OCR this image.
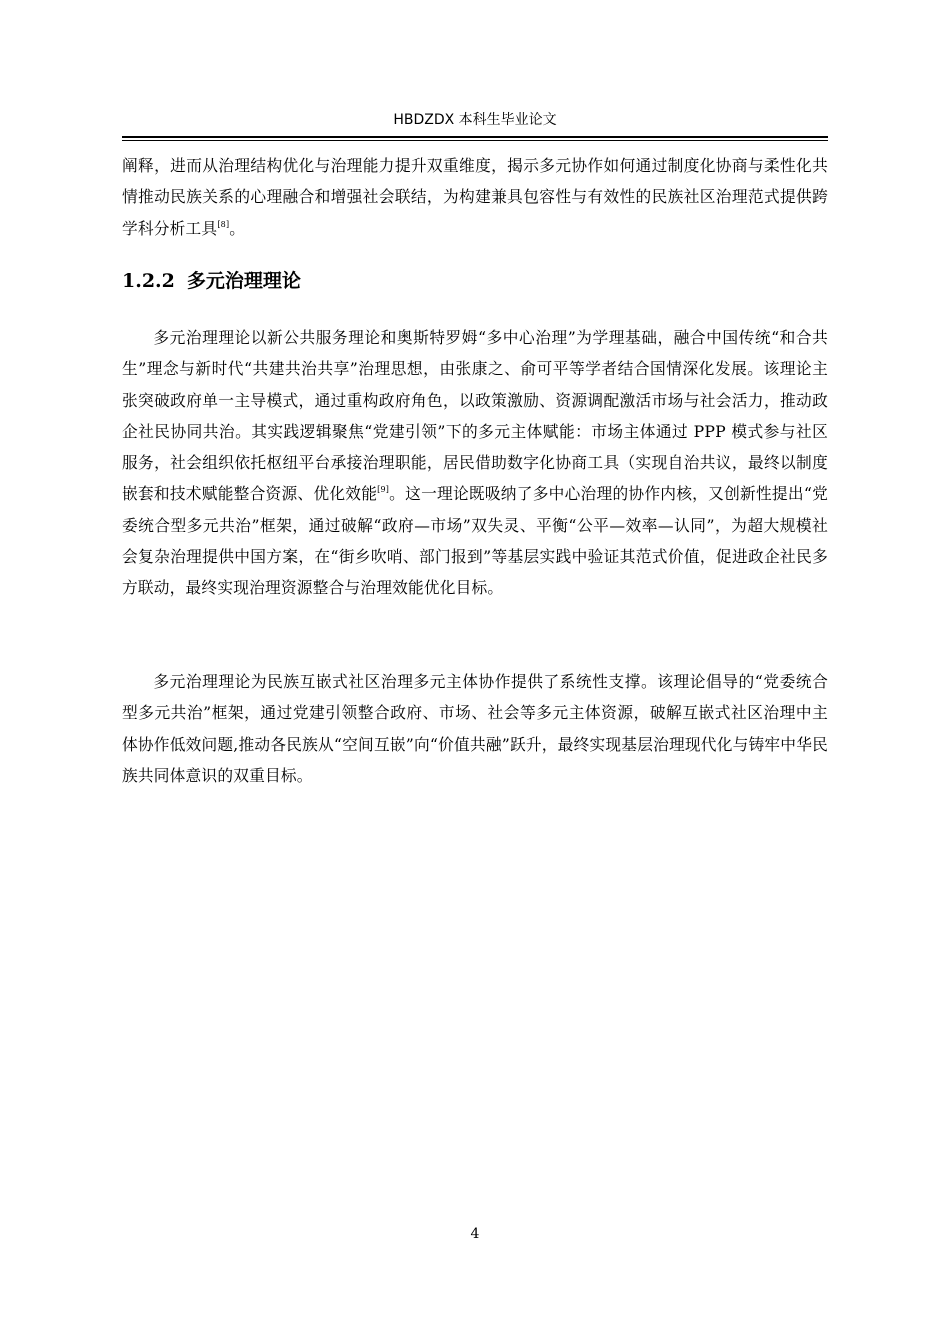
HBDZDX 本科生毕业论文

阐释，进而从治理结构优化与治理能力提升双重维度，揭示多元协作如何通过制度化协商与柔性化共情推动民族关系的心理融合和增强社会联结，为构建兼具包容性与有效性的民族社区治理范式提供跨学科分析工具[8]。

1.2.2 多元治理理论

多元治理理论以新公共服务理论和奥斯特罗姆“多中心治理”为学理基础，融合中国传统“和合共生”理念与新时代“共建共治共享”治理思想，由张康之、俞可平等学者结合国情深化发展。该理论主张突破政府单一主导模式，通过重构政府角色，以政策激励、资源调配激活市场与社会活力，推动政企社民协同共治。其实践逻辑聚焦“党建引领”下的多元主体赋能：市场主体通过 PPP 模式参与社区服务，社会组织依托枢纽平台承接治理职能，居民借助数字化协商工具（实现自治共议，最终以制度嵌套和技术赋能整合资源、优化效能[9]。这一理论既吸纳了多中心治理的协作内核，又创新性提出“党委统合型多元共治”框架，通过破解“政府—市场”双失灵、平衡“公平—效率—认同”，为超大规模社会复杂治理提供中国方案，在“街乡吹哨、部门报到”等基层实践中验证其范式价值，促进政企社民多方联动，最终实现治理资源整合与治理效能优化目标。

多元治理理论为民族互嵌式社区治理多元主体协作提供了系统性支撑。该理论倡导的“党委统合型多元共治”框架，通过党建引领整合政府、市场、社会等多元主体资源，破解互嵌式社区治理中主体协作低效问题,推动各民族从“空间互嵌”向“价值共融”跃升，最终实现基层治理现代化与铸牢中华民族共同体意识的双重目标。

4
